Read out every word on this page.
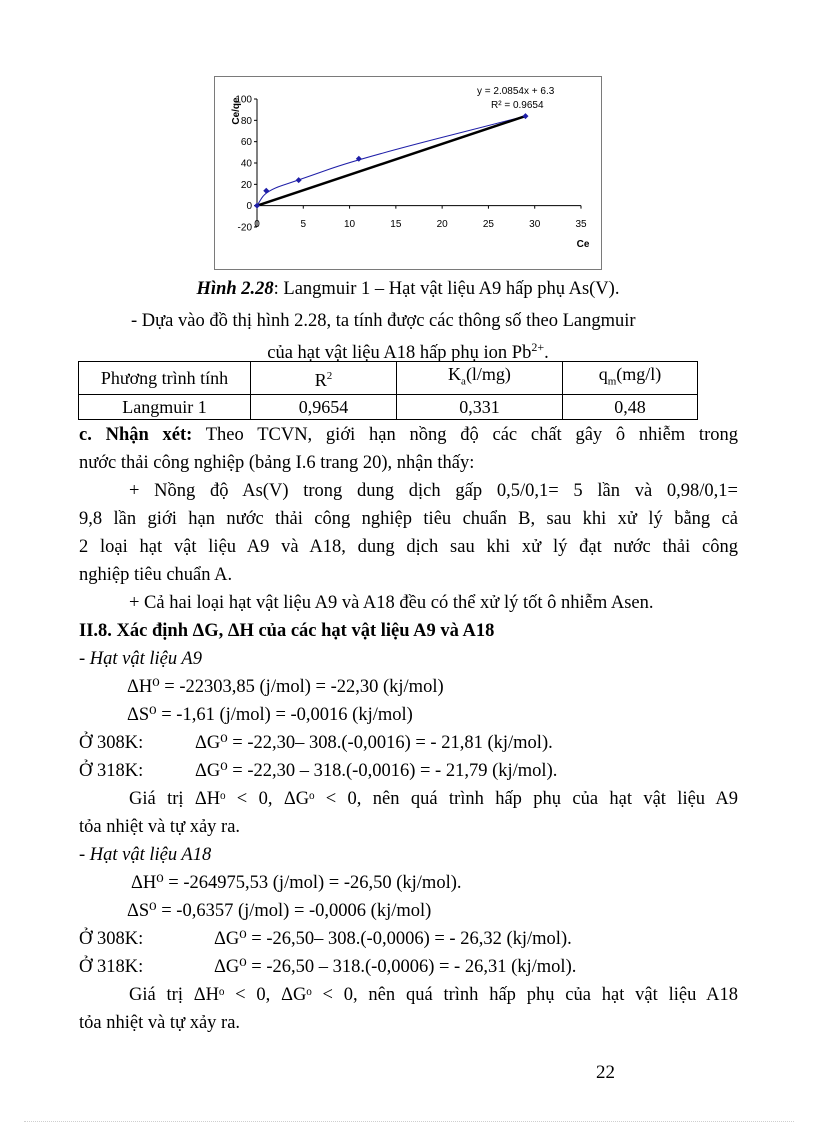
-20
0
20
40
60
80
100
0	5	10	15	20	25	30	35
Ce/qe
Ce
y = 2.0854x + 6.3
R² = 0.9654
Hình 2.28: Langmuir 1 – Hạt vật liệu A9 hấp phụ As(V).
- Dựa vào đồ thị hình 2.28, ta tính được các thông số theo Langmuir
của hạt vật liệu A18 hấp phụ ion $Pb^{2+}$.
Phương trình tính	$R^2$	$K_a(l/mg)$	$q_m(mg/l)$
Langmuir 1	0,9654	0,331	0,48
c. Nhận xét: Theo TCVN, giới hạn nồng độ các chất gây ô nhiễm trong
nước thải công nghiệp (bảng I.6 trang 20), nhận thấy:
+ Nồng độ As(V) trong dung dịch gấp 0,5/0,1= 5 lần và 0,98/0,1=
9,8 lần giới hạn nước thải công nghiệp tiêu chuẩn B, sau khi xử lý bằng cả
2 loại hạt vật liệu A9 và A18, dung dịch sau khi xử lý đạt nước thải công
nghiệp tiêu chuẩn A.
+ Cả hai loại hạt vật liệu A9 và A18 đều có thể xử lý tốt ô nhiễm Asen.
II.8. Xác định ΔG, ΔH của các hạt vật liệu A9 và A18
- Hạt vật liệu A9
ΔH⁰ = -22303,85 (j/mol) = -22,30 (kj/mol)
ΔS⁰ = -1,61 (j/mol) = -0,0016 (kj/mol)
Ở 308K:	ΔG⁰ = -22,30– 308.(-0,0016) = - 21,81 (kj/mol).
Ở 318K:	ΔG⁰ = -22,30 – 318.(-0,0016) = - 21,79 (kj/mol).
Giá trị ΔHᵒ < 0, ΔGᵒ < 0, nên quá trình hấp phụ của hạt vật liệu A9
tỏa nhiệt và tự xảy ra.
- Hạt vật liệu A18
ΔH⁰ = -264975,53 (j/mol) = -26,50 (kj/mol).
ΔS⁰ = -0,6357 (j/mol) = -0,0006 (kj/mol)
Ở 308K:	ΔG⁰ = -26,50– 308.(-0,0006) = - 26,32 (kj/mol).
Ở 318K:	ΔG⁰ = -26,50 – 318.(-0,0006) = - 26,31 (kj/mol).
Giá trị ΔHᵒ < 0, ΔGᵒ < 0, nên quá trình hấp phụ của hạt vật liệu A18
tỏa nhiệt và tự xảy ra.
22
